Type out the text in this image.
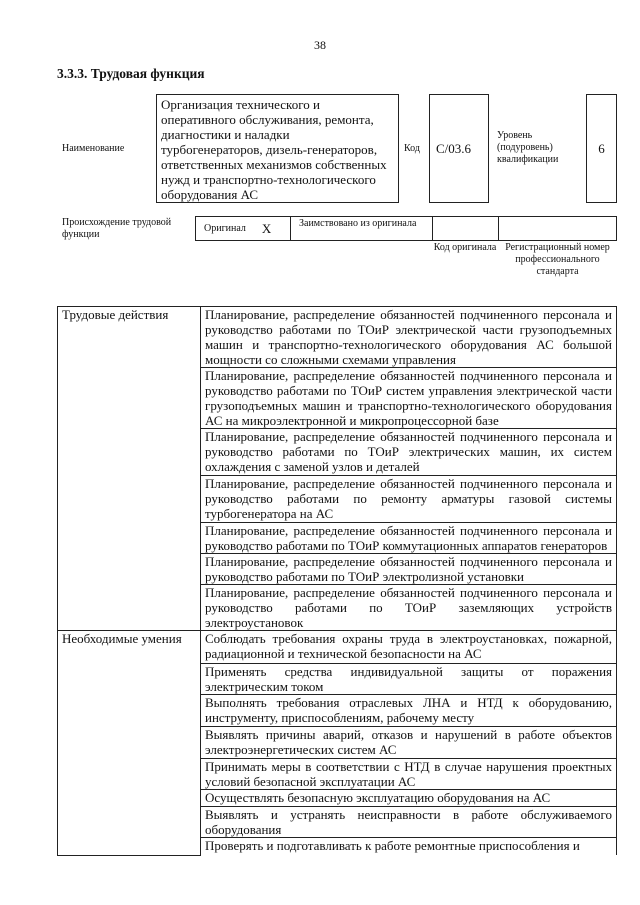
38
3.3.3. Трудовая функция
Наименование
Организация технического и оперативного обслуживания, ремонта, диагностики и наладки турбогенераторов, дизель-генераторов, ответственных механизмов собственных нужд и транспортно-технологического оборудования АС
Код	C/03.6
Уровень (подуровень) квалификации
6
Происхождение трудовой функции
Оригинал X	Заимствовано из оригинала
Код оригинала Регистрационный номер профессионального стандарта
Трудовые действия	Планирование, распределение обязанностей подчиненного персонала и руководство работами по ТОиР электрической части грузоподъемных машин и транспортно-технологического оборудования АС большой мощности со сложными схемами управления
	Планирование, распределение обязанностей подчиненного персонала и руководство работами по ТОиР систем управления электрической части грузоподъемных машин и транспортно-технологического оборудования АС на микроэлектронной и микропроцессорной базе
	Планирование, распределение обязанностей подчиненного персонала и руководство работами по ТОиР электрических машин, их систем охлаждения с заменой узлов и деталей
	Планирование, распределение обязанностей подчиненного персонала и руководство работами по ремонту арматуры газовой системы турбогенератора на АС
	Планирование, распределение обязанностей подчиненного персонала и руководство работами по ТОиР коммутационных аппаратов генераторов
	Планирование, распределение обязанностей подчиненного персонала и руководство работами по ТОиР электролизной установки
	Планирование, распределение обязанностей подчиненного персонала и руководство работами по ТОиР заземляющих устройств электроустановок
Необходимые умения	Соблюдать требования охраны труда в электроустановках, пожарной, радиационной и технической безопасности на АС
	Применять средства индивидуальной защиты от поражения электрическим током
	Выполнять требования отраслевых ЛНА и НТД к оборудованию, инструменту, приспособлениям, рабочему месту
	Выявлять причины аварий, отказов и нарушений в работе объектов электроэнергетических систем АС
	Принимать меры в соответствии с НТД в случае нарушения проектных условий безопасной эксплуатации АС
	Осуществлять безопасную эксплуатацию оборудования на АС
	Выявлять и устранять неисправности в работе обслуживаемого оборудования
	Проверять и подготавливать к работе ремонтные приспособления и
